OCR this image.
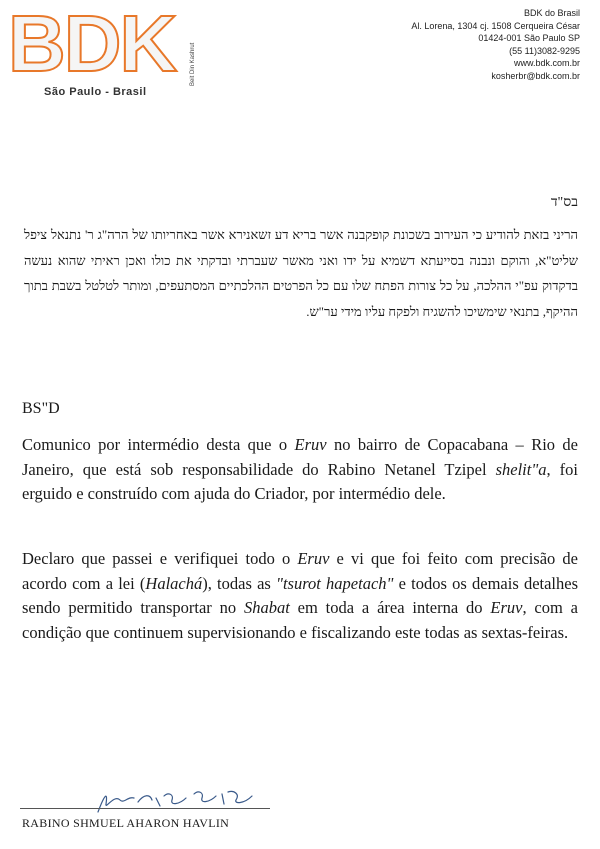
BDK
São Paulo - Brasil
Beit Din Kashrut
BDK do Brasil
Al. Lorena, 1304 cj. 1508 Cerqueira César
01424-001 São Paulo SP
(55 11)3082-9295
www.bdk.com.br
kosherbr@bdk.com.br
בס"ד
הריני בזאת להודיע כי העירוב בשכונת קופקבנה אשר בריא דע זשאנירא אשר באחריותו של הרה"ג ר' נתנאל ציפל שליט"א, והוקם ונבנה בסייעתא דשמיא על ידו ואני מאשר שעברתי ובדקתי את כולו ואכן ראיתי שהוא נעשה בדקדוק עפ"י ההלכה, על כל צורות הפתח שלו עם כל הפרטים ההלכתיים המסתעפים, ומותר לטלטל בשבת בתוך ההיקף, בתנאי שימשיכו להשגיח ולפקח עליו מידי ער"ש.
BS"D

Comunico por intermédio desta que o Eruv no bairro de Copacabana – Rio de Janeiro, que está sob responsabilidade do Rabino Netanel Tzipel shelit"a, foi erguido e construído com ajuda do Criador, por intermédio dele.

Declaro que passei e verifiquei todo o Eruv e vi que foi feito com precisão de acordo com a lei (Halachá), todas as "tsurot hapetach" e todos os demais detalhes sendo permitido transportar no Shabat em toda a área interna do Eruv, com a condição que continuem supervisionando e fiscalizando este todas as sextas-feiras.

RABINO SHMUEL AHARON HAVLIN
